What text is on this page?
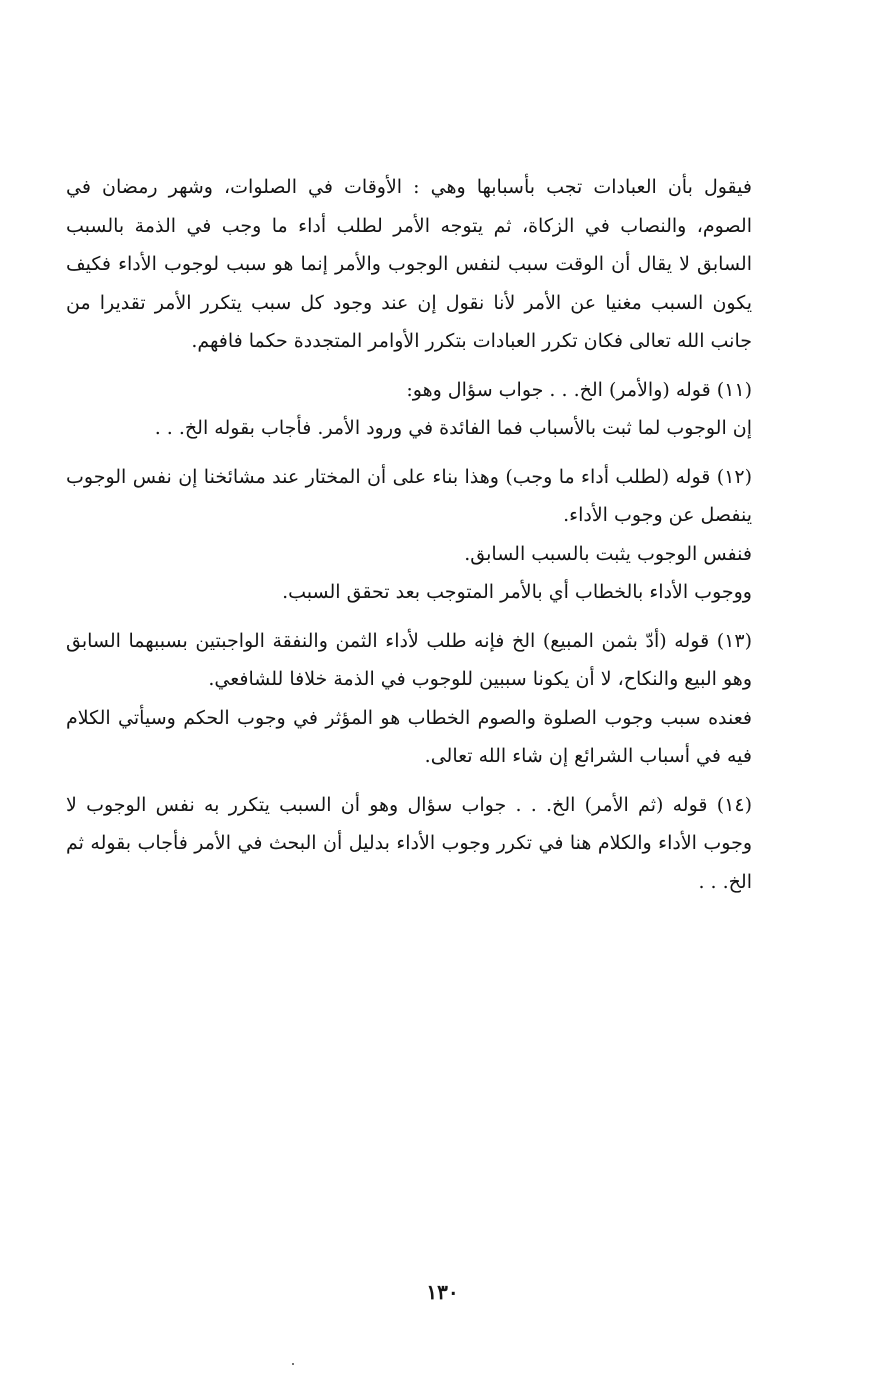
فيقول بأن العبادات تجب بأسبابها وهي : الأوقات في الصلوات، وشهر رمضان في الصوم، والنصاب في الزكاة، ثم يتوجه الأمر لطلب أداء ما وجب في الذمة بالسبب السابق لا يقال أن الوقت سبب لنفس الوجوب والأمر إنما هو سبب لوجوب الأداء فكيف يكون السبب مغنيا عن الأمر لأنا نقول إن عند وجود كل سبب يتكرر الأمر تقديرا من جانب الله تعالى فكان تكرر العبادات بتكرر الأوامر المتجددة حكما فافهم.

(١١) قوله (والأمر) الخ. . . جواب سؤال وهو:
إن الوجوب لما ثبت بالأسباب فما الفائدة في ورود الأمر. فأجاب بقوله الخ. . .
(١٢) قوله (لطلب أداء ما وجب) وهذا بناء على أن المختار عند مشائخنا إن نفس الوجوب ينفصل عن وجوب الأداء.
فنفس الوجوب يثبت بالسبب السابق.
ووجوب الأداء بالخطاب أي بالأمر المتوجب بعد تحقق السبب.
(١٣) قوله (أدّ بثمن المبيع) الخ فإنه طلب لأداء الثمن والنفقة الواجبتين بسببهما السابق وهو البيع والنكاح، لا أن يكونا سببين للوجوب في الذمة خلافا للشافعي.
فعنده سبب وجوب الصلوة والصوم الخطاب هو المؤثر في وجوب الحكم وسيأتي الكلام فيه في أسباب الشرائع إن شاء الله تعالى.
(١٤) قوله (ثم الأمر) الخ. . . جواب سؤال وهو أن السبب يتكرر به نفس الوجوب لا وجوب الأداء والكلام هنا في تكرر وجوب الأداء بدليل أن البحث في الأمر فأجاب بقوله ثم الخ. . .
١٣٠
